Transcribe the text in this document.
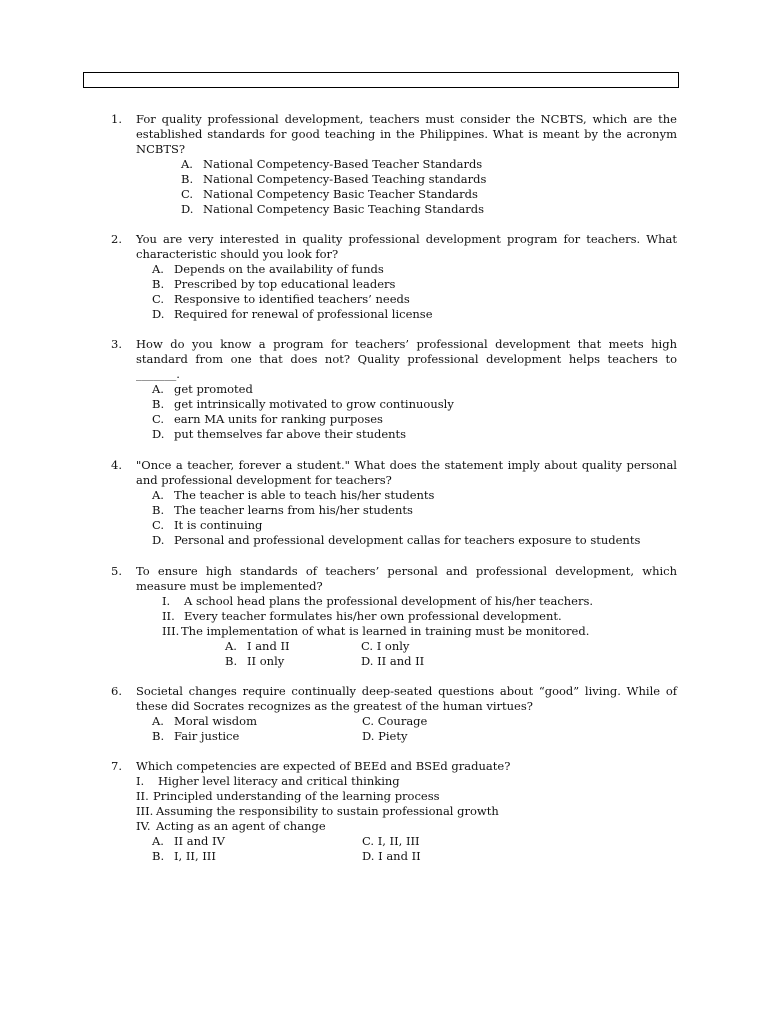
1.	For quality professional development, teachers must consider the NCBTS, which are the established standards for good teaching in the Philippines. What is meant by the acronym NCBTS?
A. National Competency-Based Teacher Standards
B. National Competency-Based Teaching standards
C. National Competency Basic Teacher Standards
D. National Competency Basic Teaching Standards
2.	You are very interested in quality professional development program for teachers. What characteristic should you look for?
A. Depends on the availability of funds
B. Prescribed by top educational leaders
C. Responsive to identified teachers’ needs
D. Required for renewal of professional license
3.	How do you know a program for teachers’ professional development that meets high standard from one that does not? Quality professional development helps teachers to _______.
A. get promoted
B. get intrinsically motivated to grow continuously
C. earn MA units for ranking purposes
D. put themselves far above their students
4.	"Once a teacher, forever a student." What does the statement imply about quality personal and professional development for teachers?
A. The teacher is able to teach his/her students
B. The teacher learns from his/her students
C. It is continuing
D. Personal and professional development callas for teachers exposure to students
5.	To ensure high standards of teachers’ personal and professional development, which measure must be implemented?
I. A school head plans the professional development of his/her teachers.
II. Every teacher formulates his/her own professional development.
III. The implementation of what is learned in training must be monitored.
A. I and II	C. I only
B. II only	D. II and II
6.	Societal changes require continually deep-seated questions about “good” living. While of these did Socrates recognizes as the greatest of the human virtues?
A. Moral wisdom	C. Courage
B. Fair justice	D. Piety
7.	Which competencies are expected of BEEd and BSEd graduate?
I. Higher level literacy and critical thinking
II. Principled understanding of the learning process
III. Assuming the responsibility to sustain professional growth
IV. Acting as an agent of change
A. II and IV	C. I, II, III
B. I, II, III	D. I and II
